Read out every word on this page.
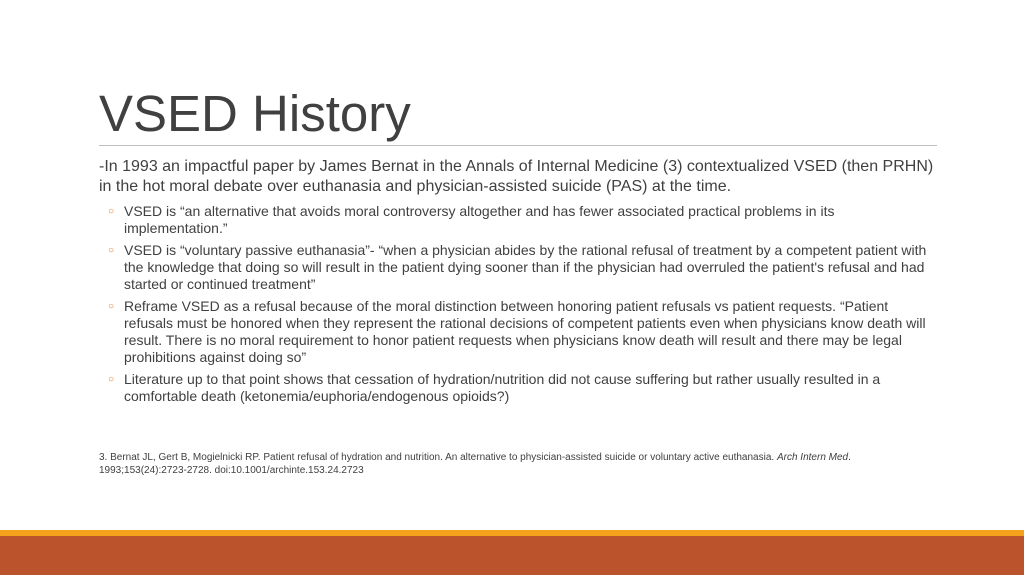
VSED History

-In 1993 an impactful paper by James Bernat in the Annals of Internal Medicine (3) contextualized VSED (then PRHN) in the hot moral debate over euthanasia and physician-assisted suicide (PAS) at the time.

○ VSED is “an alternative that avoids moral controversy altogether and has fewer associated practical problems in its implementation.”
○ VSED is “voluntary passive euthanasia”- “when a physician abides by the rational refusal of treatment by a competent patient with the knowledge that doing so will result in the patient dying sooner than if the physician had overruled the patient's refusal and had started or continued treatment”
○ Reframe VSED as a refusal because of the moral distinction between honoring patient refusals vs patient requests. “Patient refusals must be honored when they represent the rational decisions of competent patients even when physicians know death will result. There is no moral requirement to honor patient requests when physicians know death will result and there may be legal prohibitions against doing so”
○ Literature up to that point shows that cessation of hydration/nutrition did not cause suffering but rather usually resulted in a comfortable death (ketonemia/euphoria/endogenous opioids?)

3. Bernat JL, Gert B, Mogielnicki RP. Patient refusal of hydration and nutrition. An alternative to physician-assisted suicide or voluntary active euthanasia. Arch Intern Med. 1993;153(24):2723-2728. doi:10.1001/archinte.153.24.2723
